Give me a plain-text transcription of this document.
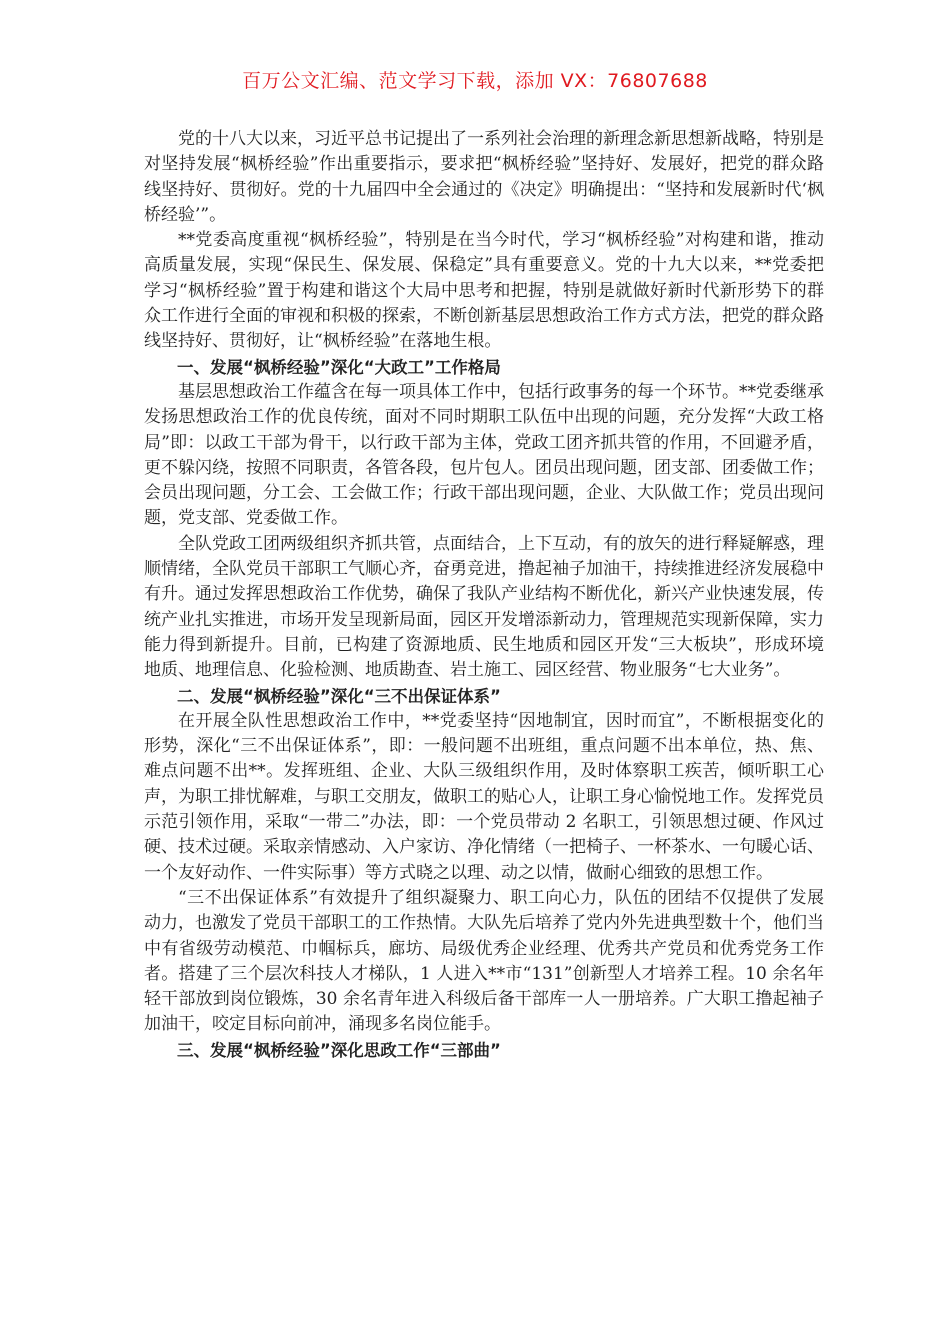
百万公文汇编、范文学习下载，添加 VX：76807688

党的十八大以来，习近平总书记提出了一系列社会治理的新理念新思想新战略，特别是对坚持发展“枫桥经验”作出重要指示，要求把“枫桥经验”坚持好、发展好，把党的群众路线坚持好、贯彻好。党的十九届四中全会通过的《决定》明确提出：“坚持和发展新时代‘枫桥经验’”。

**党委高度重视“枫桥经验”，特别是在当今时代，学习“枫桥经验”对构建和谐，推动高质量发展，实现“保民生、保发展、保稳定”具有重要意义。党的十九大以来，**党委把学习“枫桥经验”置于构建和谐这个大局中思考和把握，特别是就做好新时代新形势下的群众工作进行全面的审视和积极的探索，不断创新基层思想政治工作方式方法，把党的群众路线坚持好、贯彻好，让“枫桥经验”在落地生根。

一、发展“枫桥经验”深化“大政工”工作格局

基层思想政治工作蕴含在每一项具体工作中，包括行政事务的每一个环节。**党委继承发扬思想政治工作的优良传统，面对不同时期职工队伍中出现的问题，充分发挥“大政工格局”即：以政工干部为骨干，以行政干部为主体，党政工团齐抓共管的作用，不回避矛盾，更不躲闪绕，按照不同职责，各管各段，包片包人。团员出现问题，团支部、团委做工作；会员出现问题，分工会、工会做工作；行政干部出现问题，企业、大队做工作；党员出现问题，党支部、党委做工作。

全队党政工团两级组织齐抓共管，点面结合，上下互动，有的放矢的进行释疑解惑，理顺情绪，全队党员干部职工气顺心齐，奋勇竞进，撸起袖子加油干，持续推进经济发展稳中有升。通过发挥思想政治工作优势，确保了我队产业结构不断优化，新兴产业快速发展，传统产业扎实推进，市场开发呈现新局面，园区开发增添新动力，管理规范实现新保障，实力能力得到新提升。目前，已构建了资源地质、民生地质和园区开发“三大板块”，形成环境地质、地理信息、化验检测、地质勘查、岩土施工、园区经营、物业服务“七大业务”。

二、发展“枫桥经验”深化“三不出保证体系”

在开展全队性思想政治工作中，**党委坚持“因地制宜，因时而宜”，不断根据变化的形势，深化“三不出保证体系”，即：一般问题不出班组，重点问题不出本单位，热、焦、难点问题不出**。发挥班组、企业、大队三级组织作用，及时体察职工疾苦，倾听职工心声，为职工排忧解难，与职工交朋友，做职工的贴心人，让职工身心愉悦地工作。发挥党员示范引领作用，采取“一带二”办法，即：一个党员带动 2 名职工，引领思想过硬、作风过硬、技术过硬。采取亲情感动、入户家访、净化情绪（一把椅子、一杯茶水、一句暖心话、一个友好动作、一件实际事）等方式晓之以理、动之以情，做耐心细致的思想工作。

“三不出保证体系”有效提升了组织凝聚力、职工向心力，队伍的团结不仅提供了发展动力，也激发了党员干部职工的工作热情。大队先后培养了党内外先进典型数十个，他们当中有省级劳动模范、巾帼标兵，廊坊、局级优秀企业经理、优秀共产党员和优秀党务工作者。搭建了三个层次科技人才梯队，1 人进入**市“131”创新型人才培养工程。10 余名年轻干部放到岗位锻炼，30 余名青年进入科级后备干部库一人一册培养。广大职工撸起袖子加油干，咬定目标向前冲，涌现多名岗位能手。

三、发展“枫桥经验”深化思政工作“三部曲”
